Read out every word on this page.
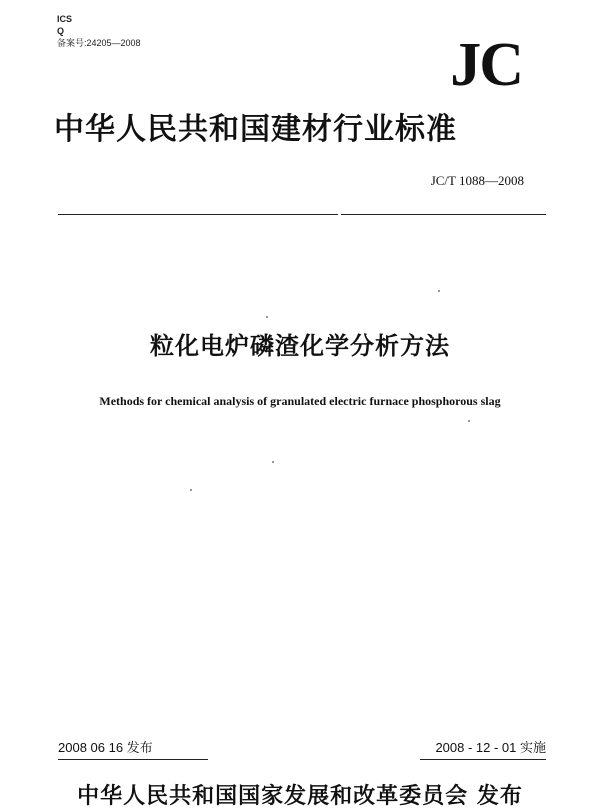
ICS
Q
备案号:24205—2008	JC
中华人民共和国建材行业标准
JC/T 1088—2008
粒化电炉磷渣化学分析方法
Methods for chemical analysis of granulated electric furnace phosphorous slag
2008 06 16 发布	2008 - 12 - 01 实施
中华人民共和国国家发展和改革委员会 发布
